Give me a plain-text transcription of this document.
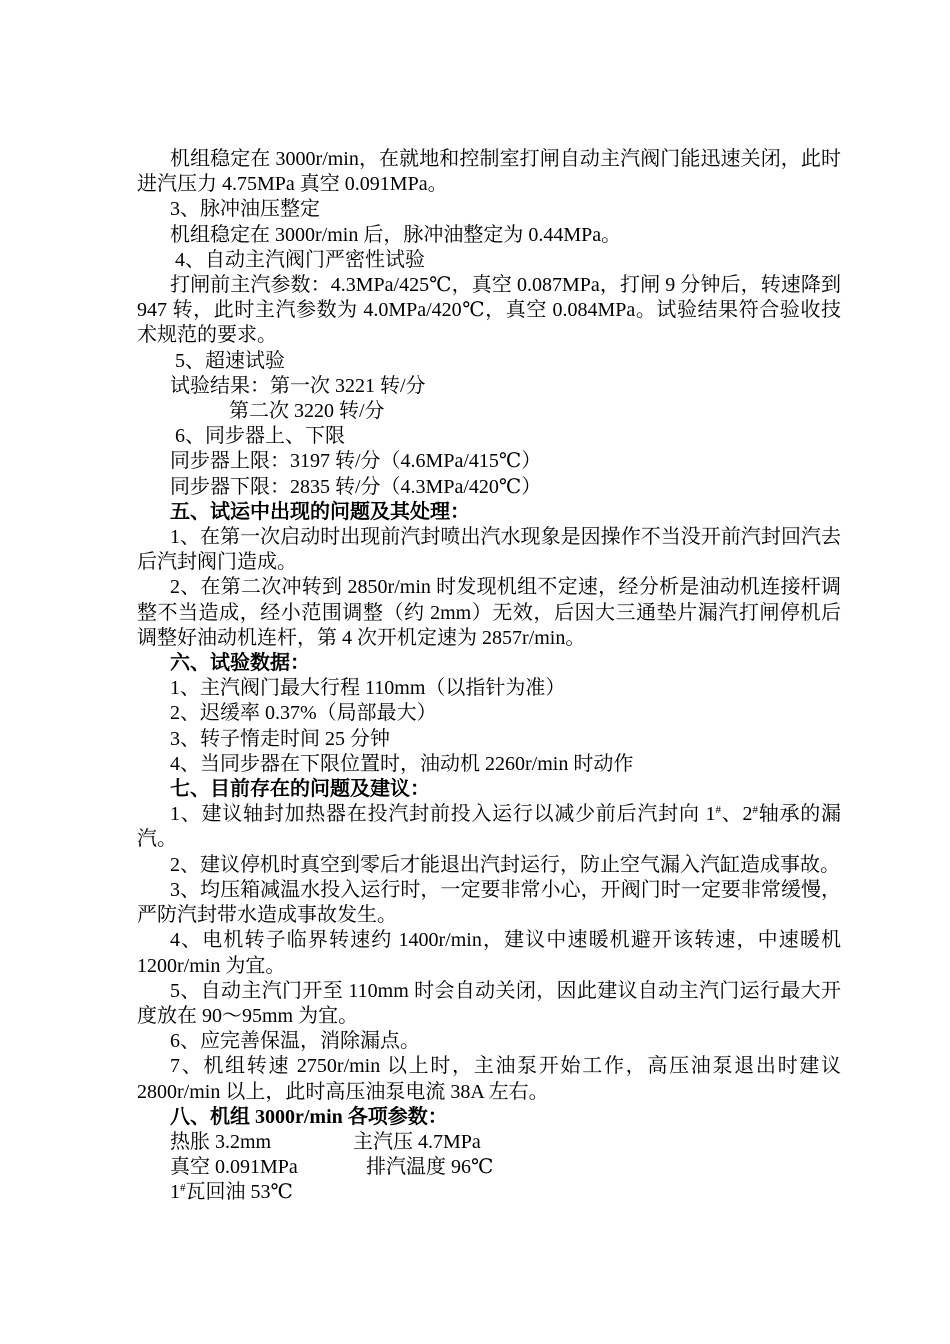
机组稳定在 3000r/min，在就地和控制室打闸自动主汽阀门能迅速关闭，此时进汽压力 4.75MPa 真空 0.091MPa。

3、脉冲油压整定

机组稳定在 3000r/min 后，脉冲油整定为 0.44MPa。

4、自动主汽阀门严密性试验

打闸前主汽参数：4.3MPa/425℃，真空 0.087MPa，打闸 9 分钟后，转速降到 947 转，此时主汽参数为 4.0MPa/420℃，真空 0.084MPa。试验结果符合验收技术规范的要求。

5、超速试验

试验结果：第一次 3221 转/分

第二次 3220 转/分

6、同步器上、下限

同步器上限：3197 转/分（4.6MPa/415℃）

同步器下限：2835 转/分（4.3MPa/420℃）

五、试运中出现的问题及其处理：

1、在第一次启动时出现前汽封喷出汽水现象是因操作不当没开前汽封回汽去后汽封阀门造成。

2、在第二次冲转到 2850r/min 时发现机组不定速，经分析是油动机连接杆调整不当造成，经小范围调整（约 2mm）无效，后因大三通垫片漏汽打闸停机后调整好油动机连杆，第 4 次开机定速为 2857r/min。

六、试验数据：

1、主汽阀门最大行程 110mm（以指针为准）

2、迟缓率 0.37%（局部最大）

3、转子惰走时间 25 分钟

4、当同步器在下限位置时，油动机 2260r/min 时动作

七、目前存在的问题及建议：

1、建议轴封加热器在投汽封前投入运行以减少前后汽封向 1#、2#轴承的漏汽。

2、建议停机时真空到零后才能退出汽封运行，防止空气漏入汽缸造成事故。

3、均压箱减温水投入运行时，一定要非常小心，开阀门时一定要非常缓慢，严防汽封带水造成事故发生。

4、电机转子临界转速约 1400r/min，建议中速暖机避开该转速，中速暖机 1200r/min 为宜。

5、自动主汽门开至 110mm 时会自动关闭，因此建议自动主汽门运行最大开度放在 90～95mm 为宜。

6、应完善保温，消除漏点。

7、机组转速 2750r/min 以上时，主油泵开始工作，高压油泵退出时建议 2800r/min 以上，此时高压油泵电流 38A 左右。

八、机组 3000r/min 各项参数：

热胀 3.2mm	主汽压 4.7MPa
真空 0.091MPa	排汽温度 96℃
1#瓦回油 53℃
